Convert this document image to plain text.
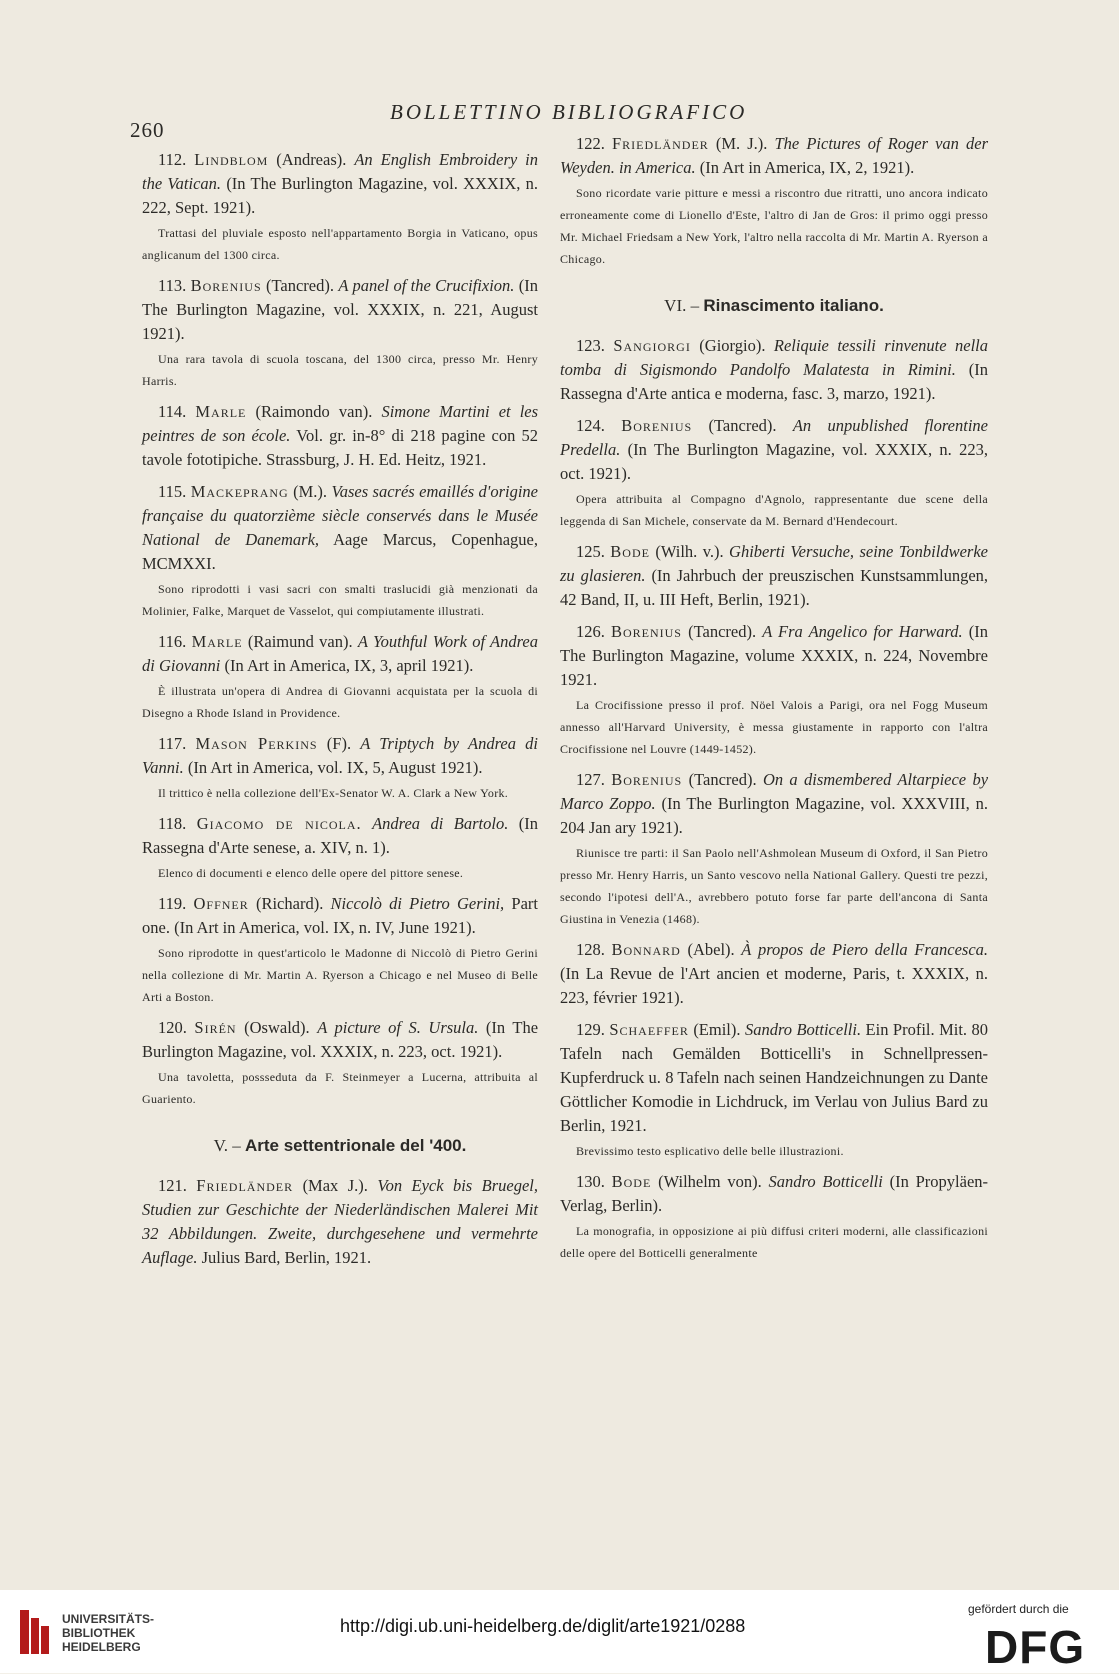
260
BOLLETTINO BIBLIOGRAFICO

112. Lindblom (Andreas). An English Embroidery in the Vatican. (In The Burlington Magazine, vol. XXXIX, n. 222, Sept. 1921).

Trattasi del pluviale esposto nell'appartamento Borgia in Vaticano, opus anglicanum del 1300 circa.

113. Borenius (Tancred). A panel of the Crucifixion. (In The Burlington Magazine, vol. XXXIX, n. 221, August 1921).

Una rara tavola di scuola toscana, del 1300 circa, presso Mr. Henry Harris.

114. Marle (Raimondo van). Simone Martini et les peintres de son école. Vol. gr. in-8° di 218 pagine con 52 tavole fototipiche. Strassburg, J. H. Ed. Heitz, 1921.

115. Mackeprang (M.). Vases sacrés emaillés d'origine française du quatorzième siècle conservés dans le Musée National de Danemark, Aage Marcus, Copenhague, MCMXXI.

Sono riprodotti i vasi sacri con smalti traslucidi già menzionati da Molinier, Falke, Marquet de Vasselot, qui compiutamente illustrati.

116. Marle (Raimund van). A Youthful Work of Andrea di Giovanni (In Art in America, IX, 3, april 1921).

È illustrata un'opera di Andrea di Giovanni acquistata per la scuola di Disegno a Rhode Island in Providence.

117. Mason Perkins (F). A Triptych by Andrea di Vanni. (In Art in America, vol. IX, 5, August 1921).

Il trittico è nella collezione dell'Ex-Senator W. A. Clark a New York.

118. Giacomo de nicola. Andrea di Bartolo. (In Rassegna d'Arte senese, a. XIV, n. 1).

Elenco di documenti e elenco delle opere del pittore senese.

119. Offner (Richard). Niccolò di Pietro Gerini, Part one. (In Art in America, vol. IX, n. IV, June 1921).

Sono riprodotte in quest'articolo le Madonne di Niccolò di Pietro Gerini nella collezione di Mr. Martin A. Ryerson a Chicago e nel Museo di Belle Arti a Boston.

120. Sirén (Oswald). A picture of S. Ursula. (In The Burlington Magazine, vol. XXXIX, n. 223, oct. 1921).

Una tavoletta, possseduta da F. Steinmeyer a Lucerna, attribuita al Guariento.

V. – Arte settentrionale del '400.

121. Friedländer (Max J.). Von Eyck bis Bruegel, Studien zur Geschichte der Niederländischen Malerei Mit 32 Abbildungen. Zweite, durchgesehene und vermehrte Auflage. Julius Bard, Berlin, 1921.

122. Friedländer (M. J.). The Pictures of Roger van der Weyden. in America. (In Art in America, IX, 2, 1921).

Sono ricordate varie pitture e messi a riscontro due ritratti, uno ancora indicato erroneamente come di Lionello d'Este, l'altro di Jan de Gros: il primo oggi presso Mr. Michael Friedsam a New York, l'altro nella raccolta di Mr. Martin A. Ryerson a Chicago.

VI. – Rinascimento italiano.

123. Sangiorgi (Giorgio). Reliquie tessili rinvenute nella tomba di Sigismondo Pandolfo Malatesta in Rimini. (In Rassegna d'Arte antica e moderna, fasc. 3, marzo, 1921).

124. Borenius (Tancred). An unpublished florentine Predella. (In The Burlington Magazine, vol. XXXIX, n. 223, oct. 1921).

Opera attribuita al Compagno d'Agnolo, rappresentante due scene della leggenda di San Michele, conservate da M. Bernard d'Hendecourt.

125. Bode (Wilh. v.). Ghiberti Versuche, seine Tonbildwerke zu glasieren. (In Jahrbuch der preuszischen Kunstsammlungen, 42 Band, II, u. III Heft, Berlin, 1921).

126. Borenius (Tancred). A Fra Angelico for Harward. (In The Burlington Magazine, volume XXXIX, n. 224, Novembre 1921.

La Crocifissione presso il prof. Nöel Valois a Parigi, ora nel Fogg Museum annesso all'Harvard University, è messa giustamente in rapporto con l'altra Crocifissione nel Louvre (1449-1452).

127. Borenius (Tancred). On a dismembered Altarpiece by Marco Zoppo. (In The Burlington Magazine, vol. XXXVIII, n. 204 Jan ary 1921).

Riunisce tre parti: il San Paolo nell'Ashmolean Museum di Oxford, il San Pietro presso Mr. Henry Harris, un Santo vescovo nella National Gallery. Questi tre pezzi, secondo l'ipotesi dell'A., avrebbero potuto forse far parte dell'ancona di Santa Giustina in Venezia (1468).

128. Bonnard (Abel). À propos de Piero della Francesca. (In La Revue de l'Art ancien et moderne, Paris, t. XXXIX, n. 223, février 1921).

129. Schaeffer (Emil). Sandro Botticelli. Ein Profil. Mit. 80 Tafeln nach Gemälden Botticelli's in Schnellpressen-Kupferdruck u. 8 Tafeln nach seinen Handzeichnungen zu Dante Göttlicher Komodie in Lichdruck, im Verlau von Julius Bard zu Berlin, 1921.

Brevissimo testo esplicativo delle belle illustrazioni.

130. Bode (Wilhelm von). Sandro Botticelli (In Propyläen-Verlag, Berlin).

La monografia, in opposizione ai più diffusi criteri moderni, alle classificazioni delle opere del Botticelli generalmente

UNIVERSITÄTS-
BIBLIOTHEK
HEIDELBERG
http://digi.ub.uni-heidelberg.de/diglit/arte1921/0288
gefördert durch die
DFG
